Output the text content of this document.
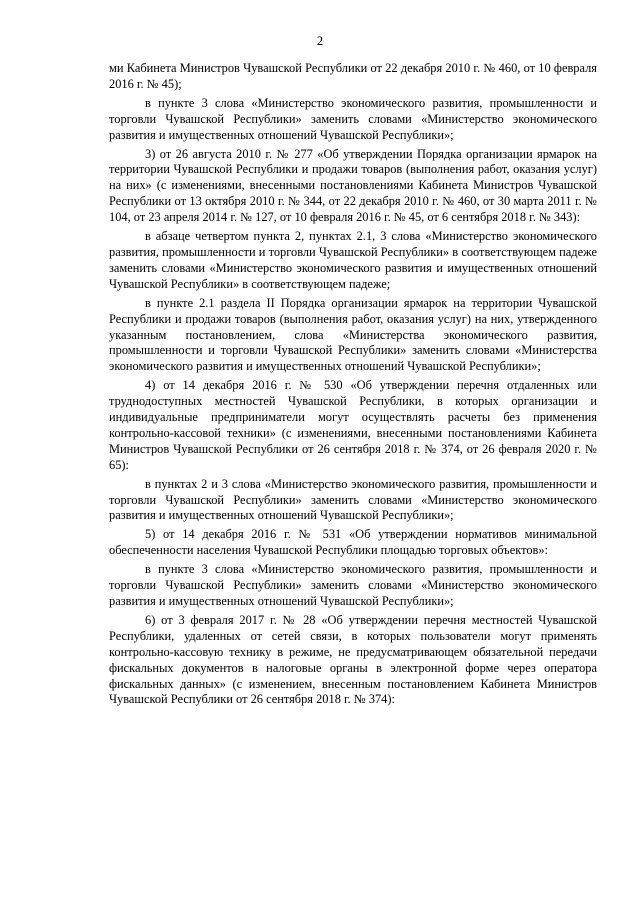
2

ми Кабинета Министров Чувашской Республики от 22 декабря 2010 г. № 460, от 10 февраля 2016 г. № 45);

в пункте 3 слова «Министерство экономического развития, промышленности и торговли Чувашской Республики» заменить словами «Министерство экономического развития и имущественных отношений Чувашской Республики»;

3) от 26 августа 2010 г. № 277 «Об утверждении Порядка организации ярмарок на территории Чувашской Республики и продажи товаров (выполнения работ, оказания услуг) на них» (с изменениями, внесенными постановлениями Кабинета Министров Чувашской Республики от 13 октября 2010 г. № 344, от 22 декабря 2010 г. № 460, от 30 марта 2011 г. № 104, от 23 апреля 2014 г. № 127, от 10 февраля 2016 г. № 45, от 6 сентября 2018 г. № 343):

в абзаце четвертом пункта 2, пунктах 2.1, 3 слова «Министерство экономического развития, промышленности и торговли Чувашской Республики» в соответствующем падеже заменить словами «Министерство экономического развития и имущественных отношений Чувашской Республики» в соответствующем падеже;

в пункте 2.1 раздела II Порядка организации ярмарок на территории Чувашской Республики и продажи товаров (выполнения работ, оказания услуг) на них, утвержденного указанным постановлением, слова «Министерства экономического развития, промышленности и торговли Чувашской Республики» заменить словами «Министерства экономического развития и имущественных отношений Чувашской Республики»;

4) от 14 декабря 2016 г. № 530 «Об утверждении перечня отдаленных или труднодоступных местностей Чувашской Республики, в которых организации и индивидуальные предприниматели могут осуществлять расчеты без применения контрольно-кассовой техники» (с изменениями, внесенными постановлениями Кабинета Министров Чувашской Республики от 26 сентября 2018 г. № 374, от 26 февраля 2020 г. № 65):

в пунктах 2 и 3 слова «Министерство экономического развития, промышленности и торговли Чувашской Республики» заменить словами «Министерство экономического развития и имущественных отношений Чувашской Республики»;

5) от 14 декабря 2016 г. № 531 «Об утверждении нормативов минимальной обеспеченности населения Чувашской Республики площадью торговых объектов»:

в пункте 3 слова «Министерство экономического развития, промышленности и торговли Чувашской Республики» заменить словами «Министерство экономического развития и имущественных отношений Чувашской Республики»;

6) от 3 февраля 2017 г. № 28 «Об утверждении перечня местностей Чувашской Республики, удаленных от сетей связи, в которых пользователи могут применять контрольно-кассовую технику в режиме, не предусматривающем обязательной передачи фискальных документов в налоговые органы в электронной форме через оператора фискальных данных» (с изменением, внесенным постановлением Кабинета Министров Чувашской Республики от 26 сентября 2018 г. № 374):
